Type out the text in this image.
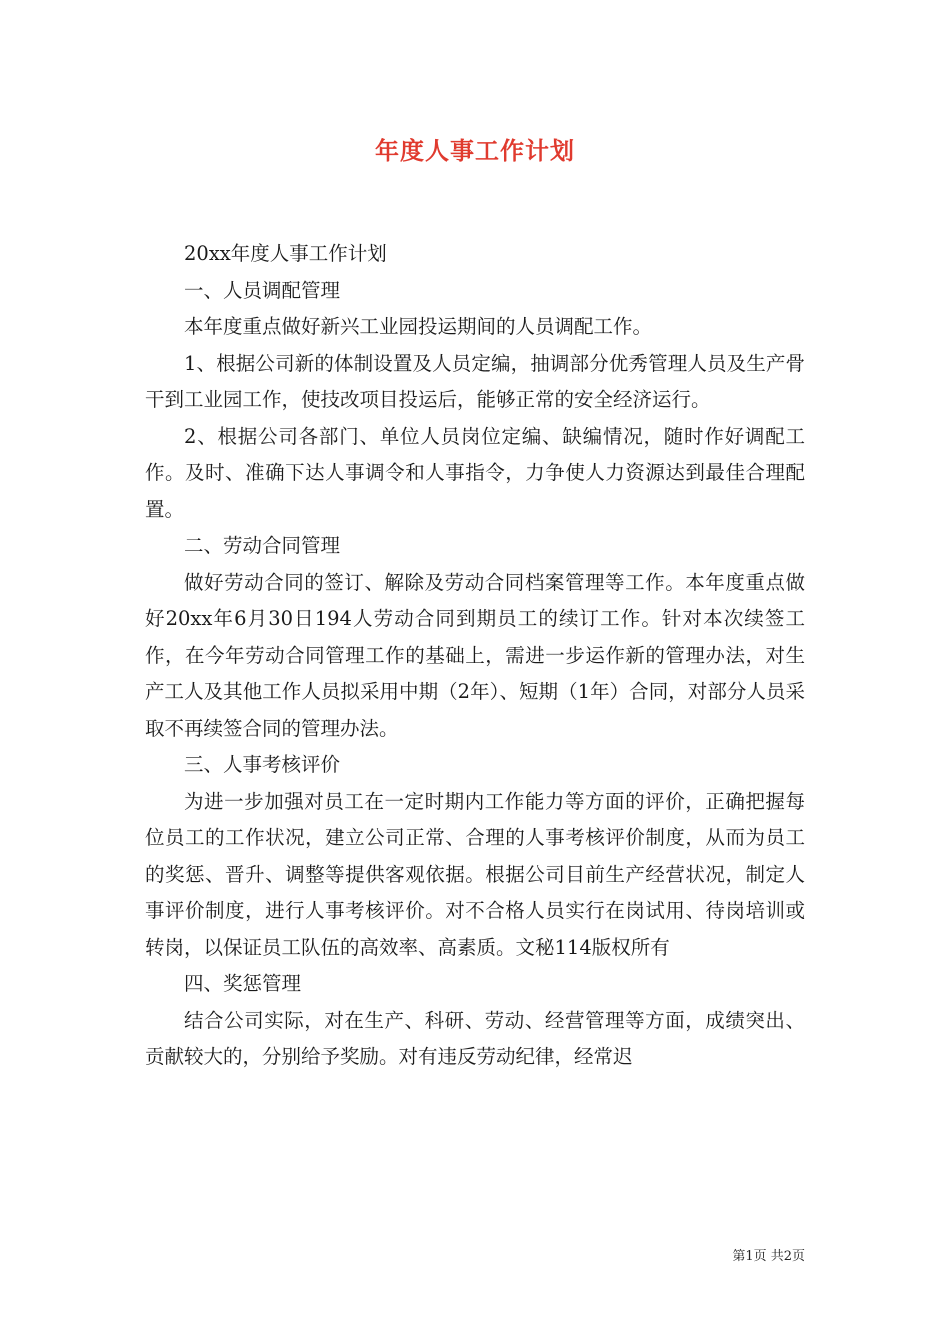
年度人事工作计划

20xx年度人事工作计划

一、人员调配管理

本年度重点做好新兴工业园投运期间的人员调配工作。

1、根据公司新的体制设置及人员定编，抽调部分优秀管理人员及生产骨干到工业园工作，使技改项目投运后，能够正常的安全经济运行。

2、根据公司各部门、单位人员岗位定编、缺编情况，随时作好调配工作。及时、准确下达人事调令和人事指令，力争使人力资源达到最佳合理配置。

二、劳动合同管理

做好劳动合同的签订、解除及劳动合同档案管理等工作。本年度重点做好20xx年6月30日194人劳动合同到期员工的续订工作。针对本次续签工作，在今年劳动合同管理工作的基础上，需进一步运作新的管理办法，对生产工人及其他工作人员拟采用中期（2年）、短期（1年）合同，对部分人员采取不再续签合同的管理办法。

三、人事考核评价

为进一步加强对员工在一定时期内工作能力等方面的评价，正确把握每位员工的工作状况，建立公司正常、合理的人事考核评价制度，从而为员工的奖惩、晋升、调整等提供客观依据。根据公司目前生产经营状况，制定人事评价制度，进行人事考核评价。对不合格人员实行在岗试用、待岗培训或转岗，以保证员工队伍的高效率、高素质。文秘114版权所有

四、奖惩管理

结合公司实际，对在生产、科研、劳动、经营管理等方面，成绩突出、贡献较大的，分别给予奖励。对有违反劳动纪律，经常迟

第1页 共2页
